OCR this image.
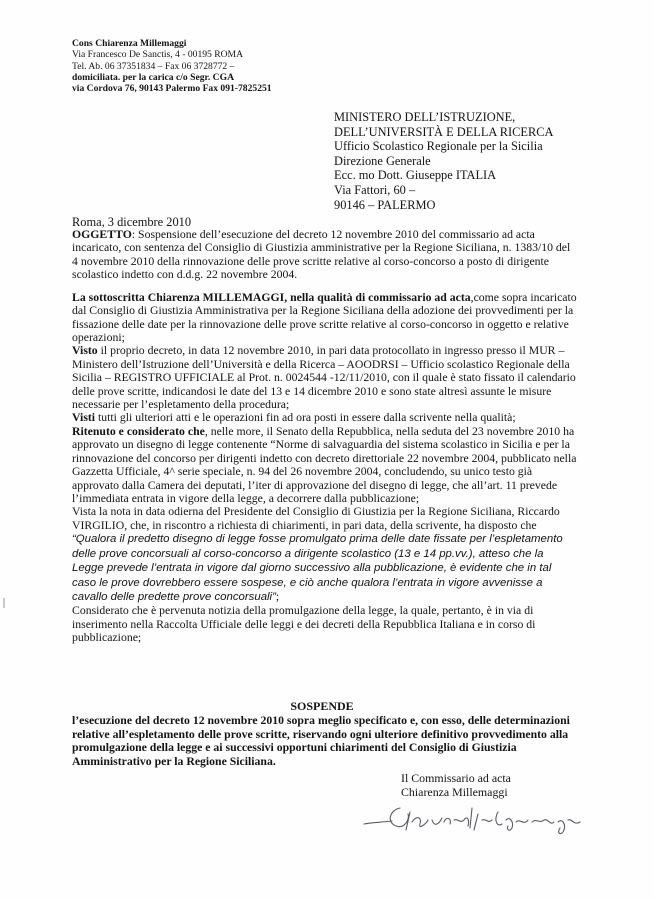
Cons Chiarenza Millemaggi
Via Francesco De Sanctis, 4 - 00195 ROMA
Tel. Ab. 06 37351834 – Fax 06 3728772 –
domiciliata. per la carica c/o Segr. CGA
via Cordova 76, 90143 Palermo Fax 091-7825251
MINISTERO DELL’ISTRUZIONE,
DELL’UNIVERSITÀ E DELLA RICERCA
Ufficio Scolastico Regionale per la Sicilia
Direzione Generale
Ecc. mo Dott. Giuseppe ITALIA
Via Fattori, 60 –
90146 – PALERMO
Roma, 3 dicembre 2010

OGGETTO: Sospensione dell’esecuzione del decreto 12 novembre 2010 del commissario ad acta incaricato, con sentenza del Consiglio di Giustizia amministrative per la Regione Siciliana, n. 1383/10 del 4 novembre 2010 della rinnovazione delle prove scritte relative al corso-concorso a posto di dirigente scolastico indetto con d.d.g. 22 novembre 2004.

La sottoscritta Chiarenza MILLEMAGGI, nella qualità di commissario ad acta,come sopra incaricato dal Consiglio di Giustizia Amministrativa per la Regione Siciliana della adozione dei provvedimenti per la fissazione delle date per la rinnovazione delle prove scritte relative al corso-concorso in oggetto e relative operazioni;

Visto il proprio decreto, in data 12 novembre 2010, in pari data protocollato in ingresso presso il MUR – Ministero dell’Istruzione dell’Università e della Ricerca – AOODRSI – Ufficio scolastico Regionale della Sicilia – REGISTRO UFFICIALE al Prot. n. 0024544 -12/11/2010, con il quale è stato fissato il calendario delle prove scritte, indicandosi le date del 13 e 14 dicembre 2010 e sono state altresì assunte le misure necessarie per l’espletamento della procedura;

Visti tutti gli ulteriori atti e le operazioni fin ad ora posti in essere dalla scrivente nella qualità;

Ritenuto e considerato che, nelle more, il Senato della Repubblica, nella seduta del 23 novembre 2010 ha approvato un disegno di legge contenente “Norme di salvaguardia del sistema scolastico in Sicilia e per la rinnovazione del concorso per dirigenti indetto con decreto direttoriale 22 novembre 2004, pubblicato nella Gazzetta Ufficiale, 4^ serie speciale, n. 94 del 26 novembre 2004, concludendo, su unico testo già approvato dalla Camera dei deputati, l’iter di approvazione del disegno di legge, che all’art. 11 prevede l’immediata entrata in vigore della legge, a decorrere dalla pubblicazione;

Vista la nota in data odierna del Presidente del Consiglio di Giustizia per la Regione Siciliana, Riccardo VIRGILIO, che, in riscontro a richiesta di chiarimenti, in pari data, della scrivente, ha disposto che “Qualora il predetto disegno di legge fosse promulgato prima delle date fissate per l’espletamento delle prove concorsuali al corso-concorso a dirigente scolastico (13 e 14 pp.vv.), atteso che la Legge prevede l’entrata in vigore dal giorno successivo alla pubblicazione, è evidente che in tal caso le prove dovrebbero essere sospese, e ciò anche qualora l’entrata in vigore avvenisse a cavallo delle predette prove concorsuali”;

Considerato che è pervenuta notizia della promulgazione della legge, la quale, pertanto, è in via di inserimento nella Raccolta Ufficiale delle leggi e dei decreti della Repubblica Italiana e in corso di pubblicazione;

SOSPENDE
l’esecuzione del decreto 12 novembre 2010 sopra meglio specificato e, con esso, delle determinazioni relative all’espletamento delle prove scritte, riservando ogni ulteriore definitivo provvedimento alla promulgazione della legge e ai successivi opportuni chiarimenti del Consiglio di Giustizia Amministrativo per la Regione Siciliana.
Il Commissario ad acta
Chiarenza Millemaggi
